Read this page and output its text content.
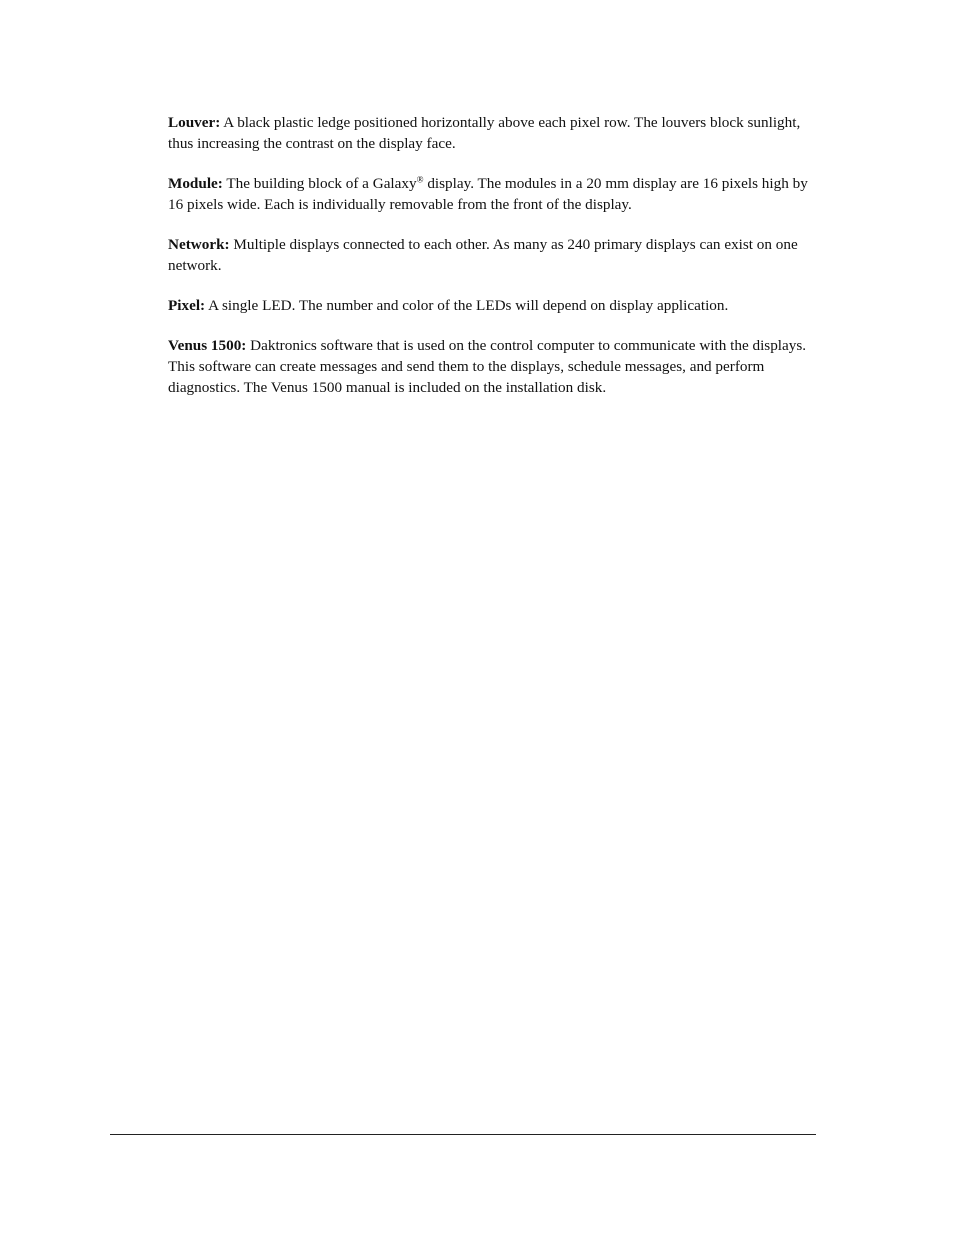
Louver: A black plastic ledge positioned horizontally above each pixel row. The louvers block sunlight, thus increasing the contrast on the display face.

Module: The building block of a Galaxy® display. The modules in a 20 mm display are 16 pixels high by 16 pixels wide. Each is individually removable from the front of the display.

Network: Multiple displays connected to each other. As many as 240 primary displays can exist on one network.

Pixel: A single LED. The number and color of the LEDs will depend on display application.

Venus 1500: Daktronics software that is used on the control computer to communicate with the displays. This software can create messages and send them to the displays, schedule messages, and perform diagnostics. The Venus 1500 manual is included on the installation disk.
